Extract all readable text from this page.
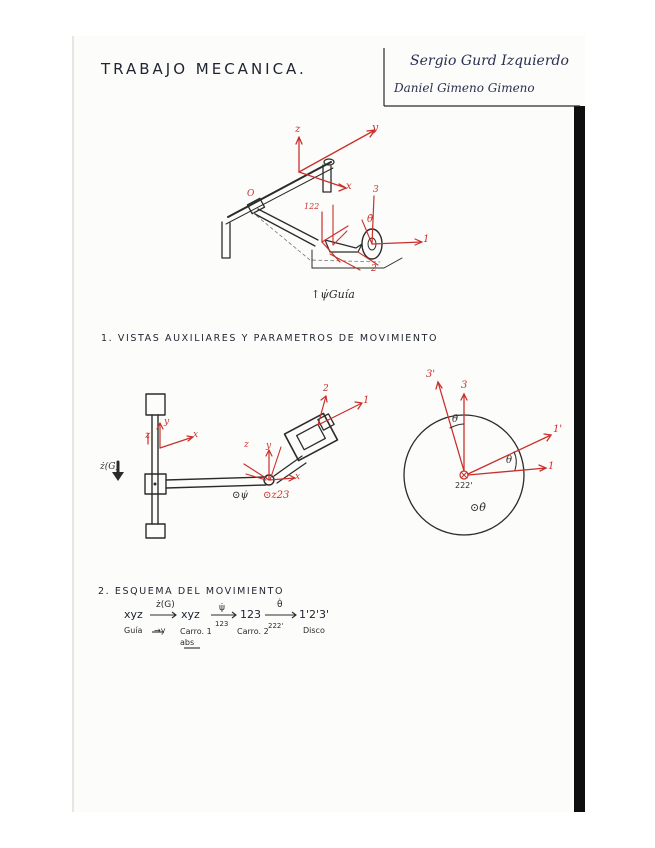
TRABAJO MECANICA.	Sergio Gurd Izquierdo
Daniel Gimeno Gimeno
y
z
x
O
122
3
2
1
θ̇
↑ψ̇Guía
1. VISTAS AUXILIARES Y PARAMETROS DE MOVIMIENTO
z
y
x
ż(G)
z y
x
2
1
⊙ψ̇ ⊙z23
3'
3
θ
1'
1
θ
222'
⊙θ̇
2. ESQUEMA DEL MOVIMIENTO
xyz
Guía
ż(G)
→y
xyz
Carro. 1 abs
ψ̇
123
123
Carro. 2
θ̇
222'
1'2'3'
Disco
